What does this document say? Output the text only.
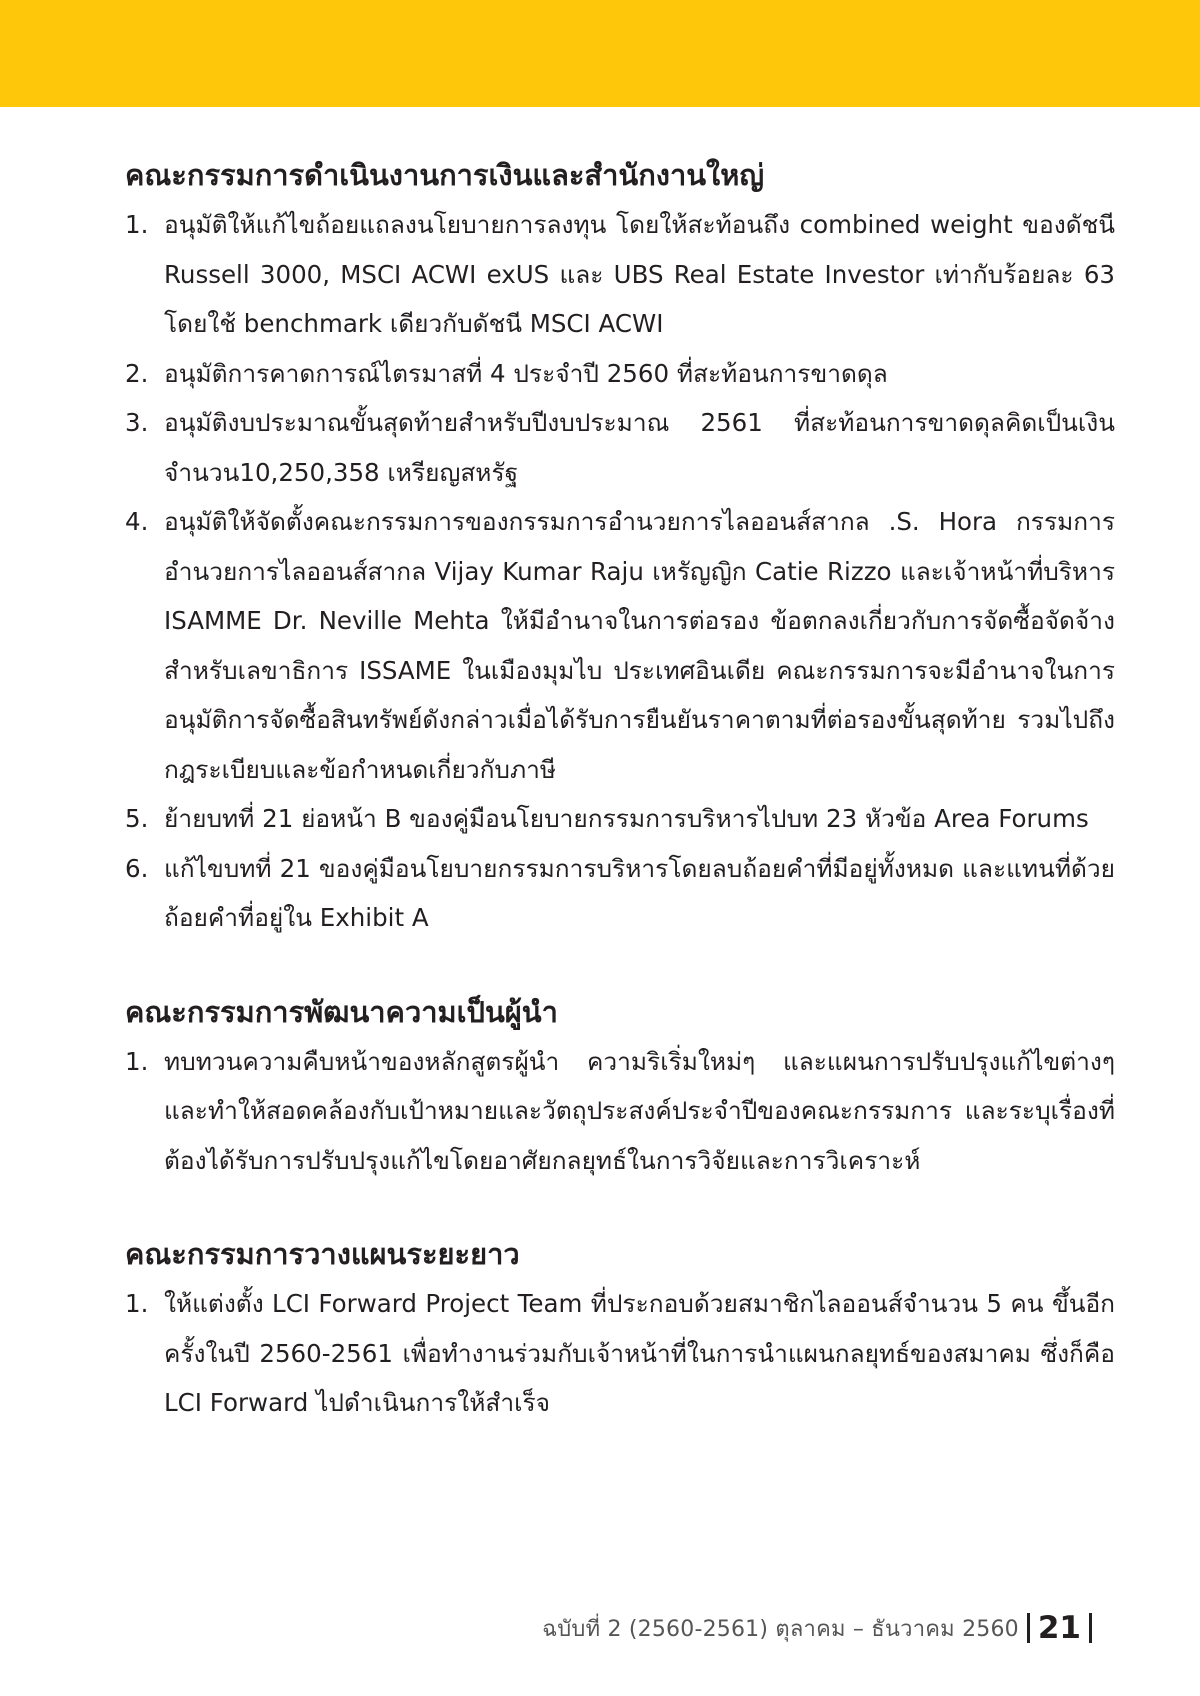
คณะกรรมการดำเนินงานการเงินและสำนักงานใหญ่
1. อนุมัติให้แก้ไขถ้อยแถลงนโยบายการลงทุน โดยให้สะท้อนถึง combined weight ของดัชนี Russell 3000, MSCI ACWI exUS และ UBS Real Estate Investor เท่ากับร้อยละ 63 โดยใช้ benchmark เดียวกับดัชนี MSCI ACWI
2. อนุมัติการคาดการณ์ไตรมาสที่ 4 ประจำปี 2560 ที่สะท้อนการขาดดุล
3. อนุมัติงบประมาณขั้นสุดท้ายสำหรับปีงบประมาณ 2561 ที่สะท้อนการขาดดุลคิดเป็นเงิน จำนวน10,250,358 เหรียญสหรัฐ
4. อนุมัติให้จัดตั้งคณะกรรมการของกรรมการอำนวยการไลออนส์สากล .S. Hora กรรมการอำนวยการไลออนส์สากล Vijay Kumar Raju เหรัญญิก Catie Rizzo และเจ้าหน้าที่บริหาร ISAMME Dr. Neville Mehta ให้มีอำนาจในการต่อรอง ข้อตกลงเกี่ยวกับการจัดซื้อจัดจ้างสำหรับเลขาธิการ ISSAME ในเมืองมุมไบ ประเทศอินเดีย คณะกรรมการจะมีอำนาจในการอนุมัติการจัดซื้อสินทรัพย์ดังกล่าวเมื่อได้รับการยืนยันราคาตามที่ต่อรองขั้นสุดท้าย รวมไปถึงกฎระเบียบและข้อกำหนดเกี่ยวกับภาษี
5. ย้ายบทที่ 21 ย่อหน้า B ของคู่มือนโยบายกรรมการบริหารไปบท 23 หัวข้อ Area Forums
6. แก้ไขบทที่ 21 ของคู่มือนโยบายกรรมการบริหารโดยลบถ้อยคำที่มีอยู่ทั้งหมด และแทนที่ด้วยถ้อยคำที่อยู่ใน Exhibit A
คณะกรรมการพัฒนาความเป็นผู้นำ
1. ทบทวนความคืบหน้าของหลักสูตรผู้นำ ความริเริ่มใหม่ๆ และแผนการปรับปรุงแก้ไขต่างๆ และทำให้สอดคล้องกับเป้าหมายและวัตถุประสงค์ประจำปีของคณะกรรมการ และระบุเรื่องที่ต้องได้รับการปรับปรุงแก้ไขโดยอาศัยกลยุทธ์ในการวิจัยและการวิเคราะห์
คณะกรรมการวางแผนระยะยาว
1. ให้แต่งตั้ง LCI Forward Project Team ที่ประกอบด้วยสมาชิกไลออนส์จำนวน 5 คน ขึ้นอีกครั้งในปี 2560-2561 เพื่อทำงานร่วมกับเจ้าหน้าที่ในการนำแผนกลยุทธ์ของสมาคม ซึ่งก็คือ LCI Forward ไปดำเนินการให้สำเร็จ
ฉบับที่ 2 (2560-2561) ตุลาคม – ธันวาคม 2560 21
